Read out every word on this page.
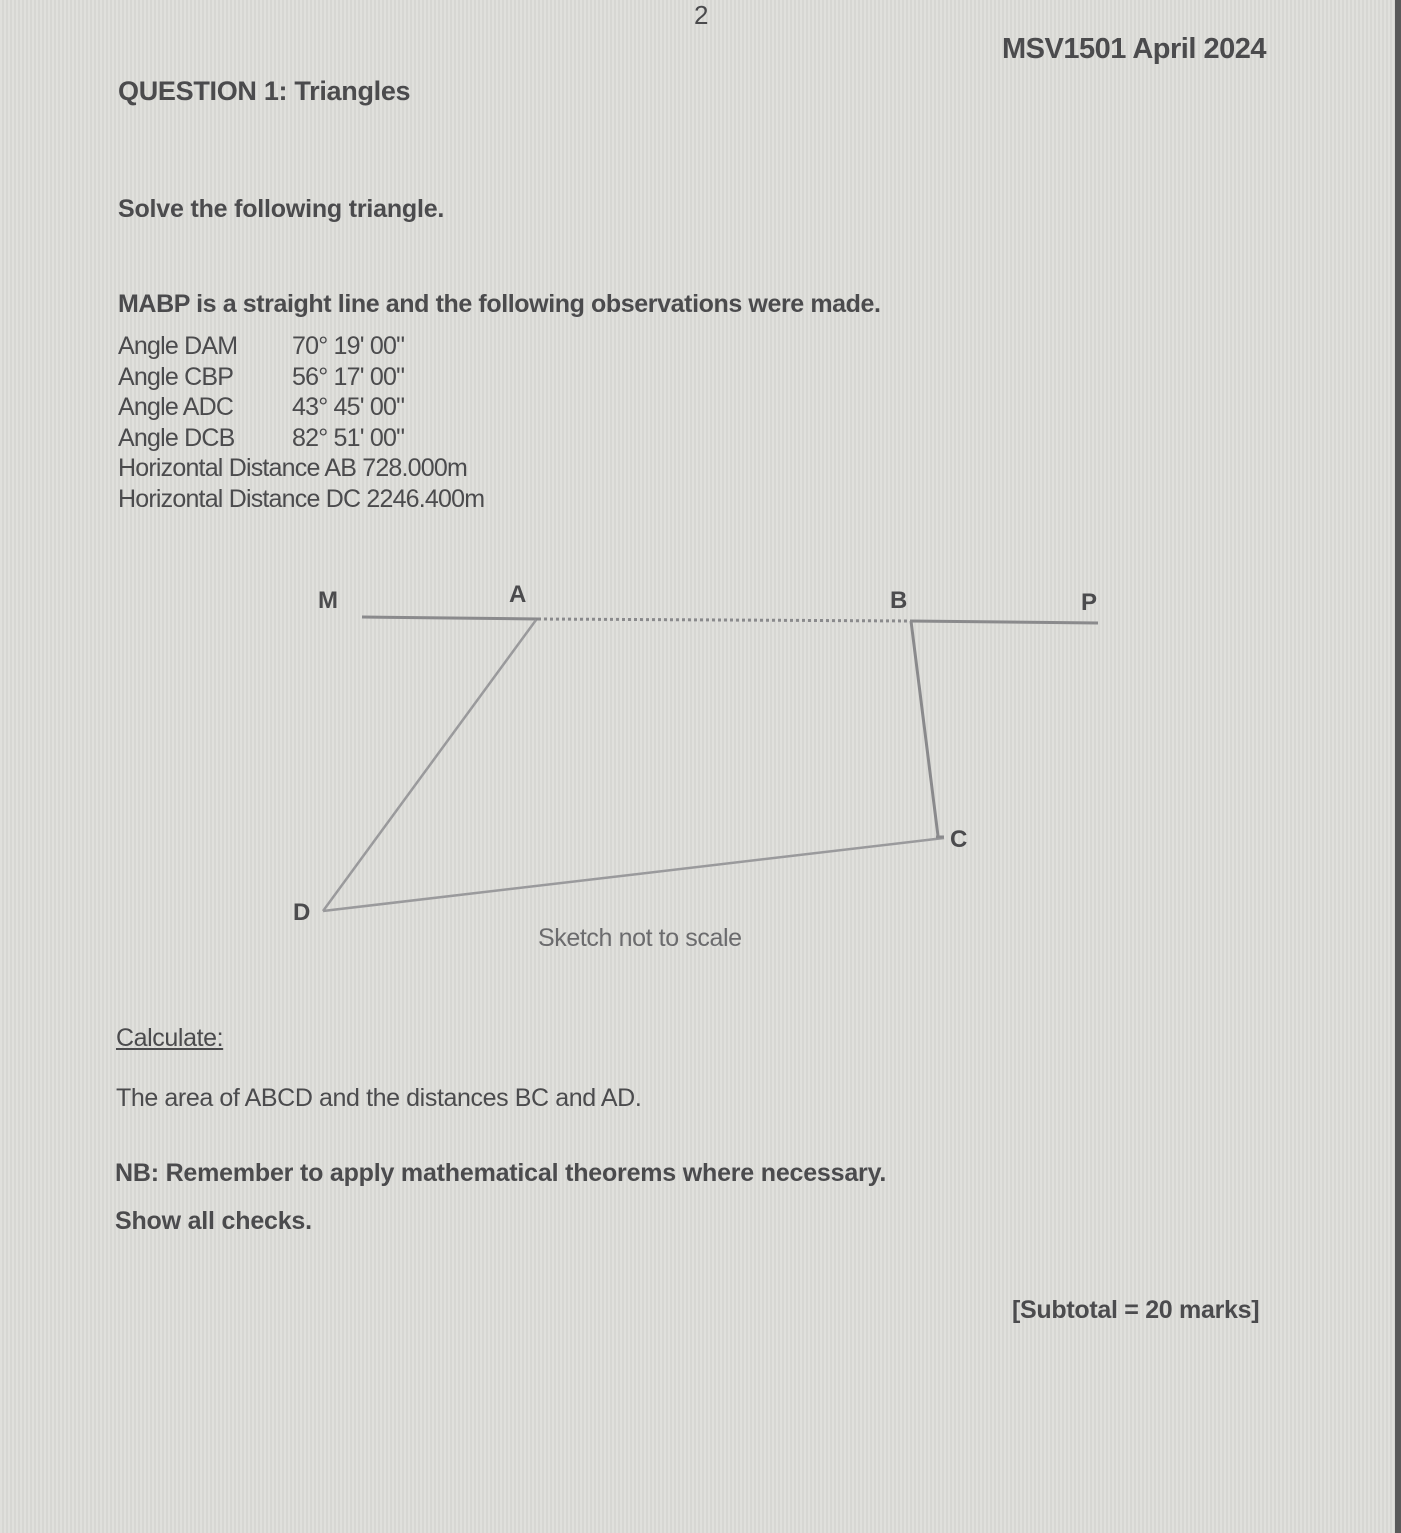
2
MSV1501 April 2024
QUESTION 1: Triangles
Solve the following triangle.
MABP is a straight line and the following observations were made.
Angle DAM	70° 19' 00"
Angle CBP	56° 17' 00"
Angle ADC	43° 45' 00"
Angle DCB	82° 51' 00"
Horizontal Distance AB 728.000m
Horizontal Distance DC 2246.400m
M	A	B	P
C
D
Sketch not to scale
Calculate:
The area of ABCD and the distances BC and AD.
NB: Remember to apply mathematical theorems where necessary.
Show all checks.
[Subtotal = 20 marks]
